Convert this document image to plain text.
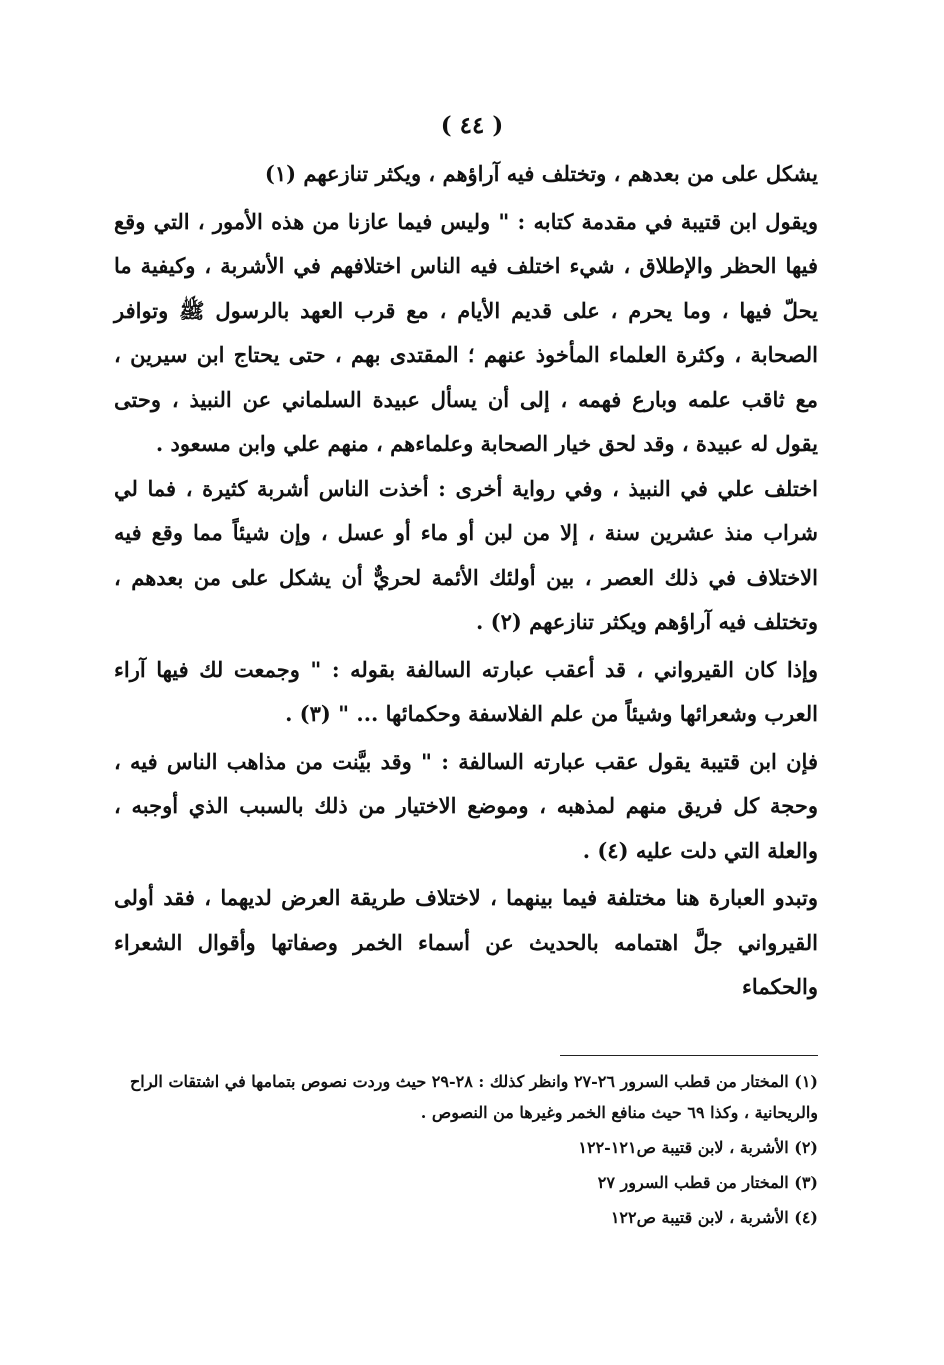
( ٤٤ )

يشكل على من بعدهم ، وتختلف فيه آراؤهم ، ويكثر تنازعهم (١)

ويقول ابن قتيبة في مقدمة كتابه : " وليس فيما عازنا من هذه الأمور ، التي وقع فيها الحظر والإطلاق ، شيء اختلف فيه الناس اختلافهم في الأشربة ، وكيفية ما يحلّ فيها ، وما يحرم ، على قديم الأيام ، مع قرب العهد بالرسول ﷺ وتوافر الصحابة ، وكثرة العلماء المأخوذ عنهم ؛ المقتدى بهم ، حتى يحتاج ابن سيرين ، مع ثاقب علمه وبارع فهمه ، إلى أن يسأل عبيدة السلماني عن النبيذ ، وحتى يقول له عبيدة ، وقد لحق خيار الصحابة وعلماءهم ، منهم علي وابن مسعود .

اختلف علي في النبيذ ، وفي رواية أخرى : أخذت الناس أشربة كثيرة ، فما لي شراب منذ عشرين سنة ، إلا من لبن أو ماء أو عسل ، وإن شيئاً مما وقع فيه الاختلاف في ذلك العصر ، بين أولئك الأئمة لحريٌّ أن يشكل على من بعدهم ، وتختلف فيه آراؤهم ويكثر تنازعهم (٢) .

وإذا كان القيرواني ، قد أعقب عبارته السالفة بقوله : " وجمعت لك فيها آراء العرب وشعرائها وشيئاً من علم الفلاسفة وحكمائها ... " (٣) .

فإن ابن قتيبة يقول عقب عبارته السالفة : " وقد بيَّنت من مذاهب الناس فيه ، وحجة كل فريق منهم لمذهبه ، وموضع الاختيار من ذلك بالسبب الذي أوجبه ، والعلة التي دلت عليه (٤) .

وتبدو العبارة هنا مختلفة فيما بينهما ، لاختلاف طريقة العرض لديهما ، فقد أولى القيرواني جلَّ اهتمامه بالحديث عن أسماء الخمر وصفاتها وأقوال الشعراء والحكماء

(١) المختار من قطب السرور ٢٦-٢٧ وانظر كذلك : ٢٨-٢٩ حيث وردت نصوص بتمامها في اشتقات الراح والريحانية ، وكذا ٦٩ حيث منافع الخمر وغيرها من النصوص .

(٢) الأشربة ، لابن قتيبة ص١٢١-١٢٢

(٣) المختار من قطب السرور ٢٧

(٤) الأشربة ، لابن قتيبة ص١٢٢
